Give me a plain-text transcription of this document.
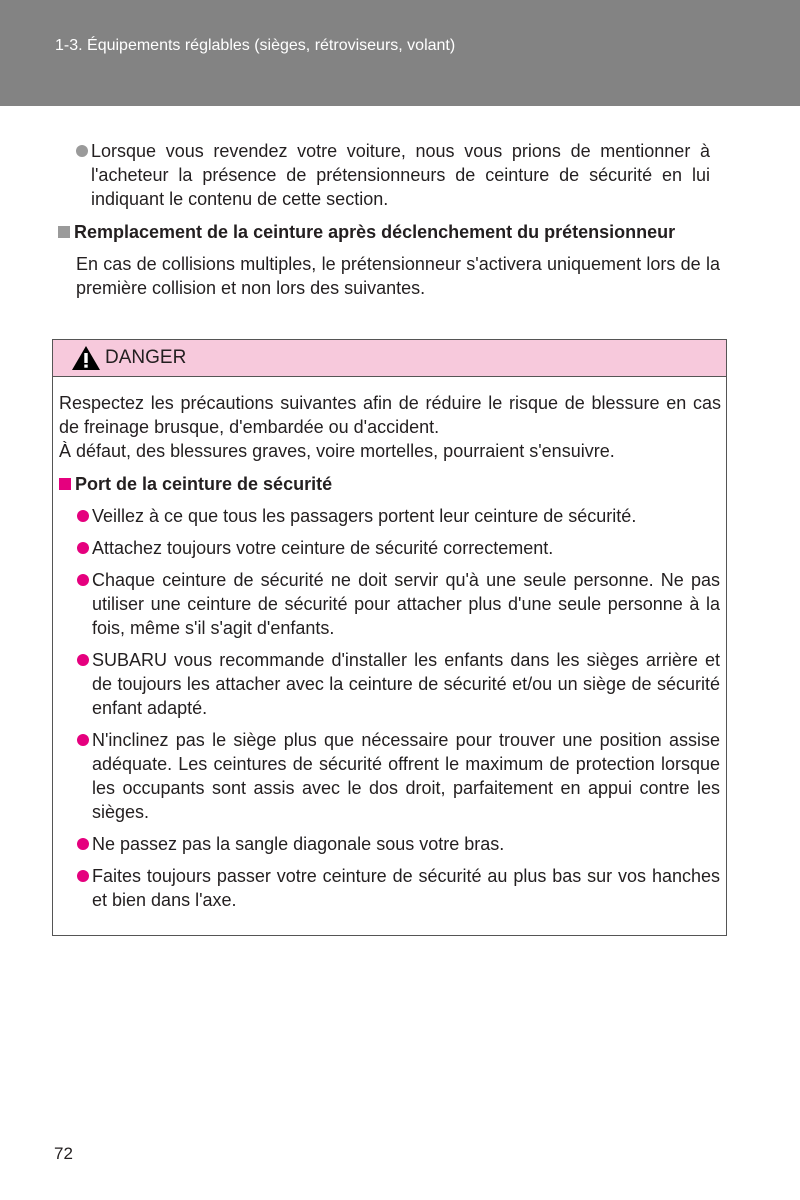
1-3. Équipements réglables (sièges, rétroviseurs, volant)
Lorsque vous revendez votre voiture, nous vous prions de mentionner à l'acheteur la présence de prétensionneurs de ceinture de sécurité en lui indiquant le contenu de cette section.
Remplacement de la ceinture après déclenchement du prétensionneur
En cas de collisions multiples, le prétensionneur s'activera uniquement lors de la première collision et non lors des suivantes.
DANGER
Respectez les précautions suivantes afin de réduire le risque de blessure en cas de freinage brusque, d'embardée ou d'accident.
À défaut, des blessures graves, voire mortelles, pourraient s'ensuivre.
Port de la ceinture de sécurité
Veillez à ce que tous les passagers portent leur ceinture de sécurité.
Attachez toujours votre ceinture de sécurité correctement.
Chaque ceinture de sécurité ne doit servir qu'à une seule personne. Ne pas utiliser une ceinture de sécurité pour attacher plus d'une seule personne à la fois, même s'il s'agit d'enfants.
SUBARU vous recommande d'installer les enfants dans les sièges arrière et de toujours les attacher avec la ceinture de sécurité et/ou un siège de sécurité enfant adapté.
N'inclinez pas le siège plus que nécessaire pour trouver une position assise adéquate. Les ceintures de sécurité offrent le maximum de protection lorsque les occupants sont assis avec le dos droit, parfaitement en appui contre les sièges.
Ne passez pas la sangle diagonale sous votre bras.
Faites toujours passer votre ceinture de sécurité au plus bas sur vos hanches et bien dans l'axe.
72
